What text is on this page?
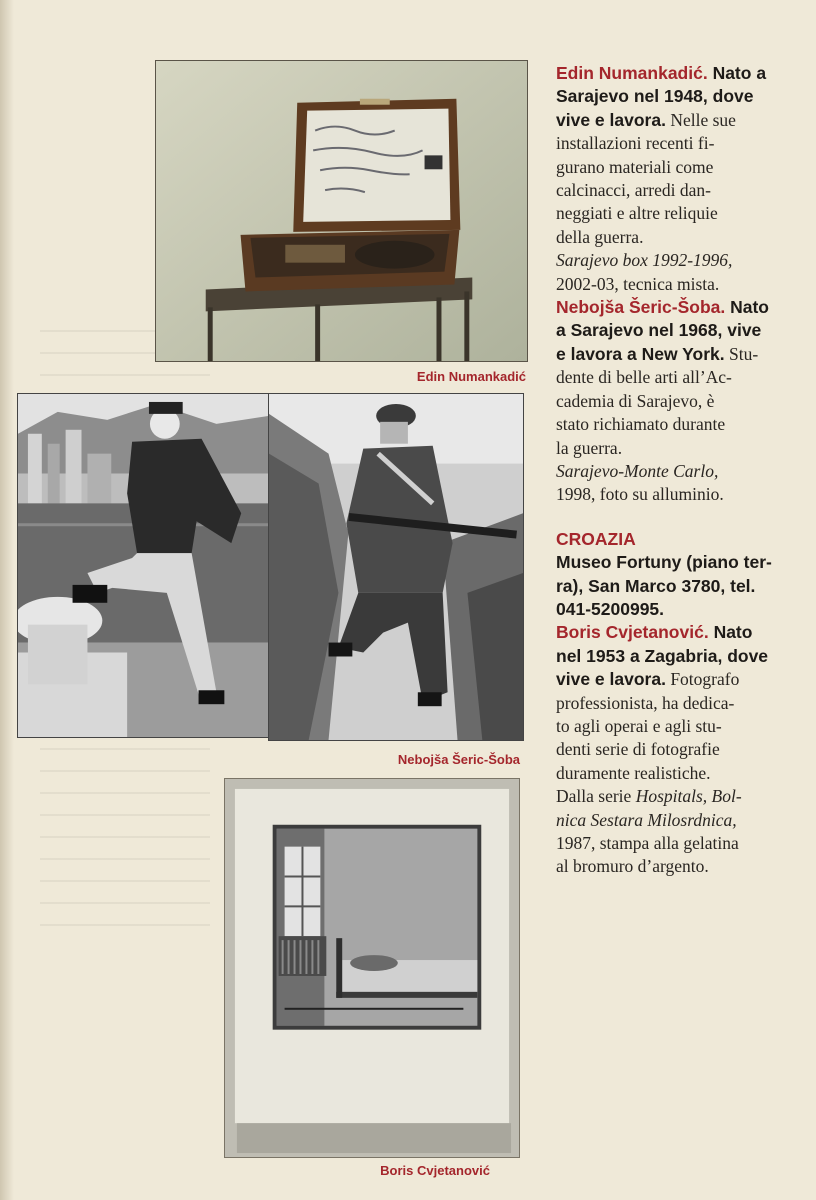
Edin Numankadić
Nebojša Šeric-Šoba
Boris Cvjetanović

Edin Numankadić. Nato a
Sarajevo nel 1948, dove
vive e lavora. Nelle sue
installazioni recenti fi-
gurano materiali come
calcinacci, arredi dan-
neggiati e altre reliquie
della guerra.
Sarajevo box 1992-1996,
2002-03, tecnica mista.

Nebojša Šeric-Šoba. Nato
a Sarajevo nel 1968, vive
e lavora a New York. Stu-
dente di belle arti all’Ac-
cademia di Sarajevo, è
stato richiamato durante
la guerra.
Sarajevo-Monte Carlo,
1998, foto su alluminio.

CROAZIA

Museo Fortuny (piano ter-
ra), San Marco 3780, tel.
041-5200995.

Boris Cvjetanović. Nato
nel 1953 a Zagabria, dove
vive e lavora. Fotografo
professionista, ha dedica-
to agli operai e agli stu-
denti serie di fotografie
duramente realistiche.
Dalla serie Hospitals, Bol-
nica Sestara Milosrdnica,
1987, stampa alla gelatina
al bromuro d’argento.
